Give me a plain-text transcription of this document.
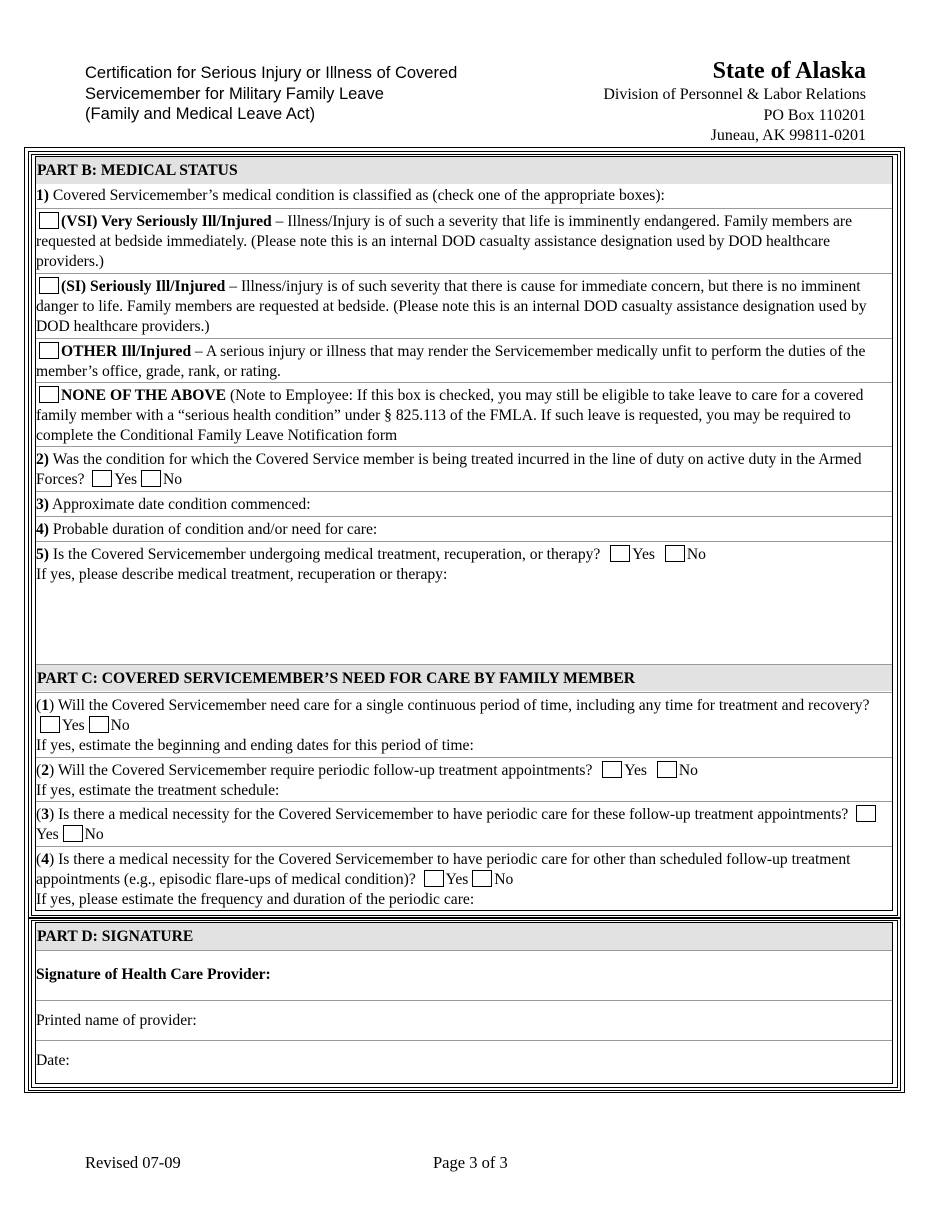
Certification for Serious Injury or Illness of Covered
Servicemember for Military Family Leave
(Family and Medical Leave Act)
State of Alaska
Division of Personnel & Labor Relations
PO Box 110201
Juneau, AK 99811-0201
PART B: MEDICAL STATUS
1) Covered Servicemember’s medical condition is classified as (check one of the appropriate boxes):
(VSI) Very Seriously Ill/Injured – Illness/Injury is of such a severity that life is imminently endangered. Family members are requested at bedside immediately. (Please note this is an internal DOD casualty assistance designation used by DOD healthcare providers.)
(SI) Seriously Ill/Injured – Illness/injury is of such severity that there is cause for immediate concern, but there is no imminent danger to life. Family members are requested at bedside. (Please note this is an internal DOD casualty assistance designation used by DOD healthcare providers.)
OTHER Ill/Injured – A serious injury or illness that may render the Servicemember medically unfit to perform the duties of the member’s office, grade, rank, or rating.
NONE OF THE ABOVE (Note to Employee: If this box is checked, you may still be eligible to take leave to care for a covered family member with a “serious health condition” under § 825.113 of the FMLA. If such leave is requested, you may be required to complete the Conditional Family Leave Notification form
2) Was the condition for which the Covered Service member is being treated incurred in the line of duty on active duty in the Armed Forces? Yes No
3) Approximate date condition commenced:
4) Probable duration of condition and/or need for care:
5) Is the Covered Servicemember undergoing medical treatment, recuperation, or therapy? Yes No
If yes, please describe medical treatment, recuperation or therapy:
PART C: COVERED SERVICEMEMBER’S NEED FOR CARE BY FAMILY MEMBER
(1) Will the Covered Servicemember need care for a single continuous period of time, including any time for treatment and recovery? Yes No
If yes, estimate the beginning and ending dates for this period of time:
(2) Will the Covered Servicemember require periodic follow-up treatment appointments? Yes No
If yes, estimate the treatment schedule:
(3) Is there a medical necessity for the Covered Servicemember to have periodic care for these follow-up treatment appointments? Yes No
(4) Is there a medical necessity for the Covered Servicemember to have periodic care for other than scheduled follow-up treatment appointments (e.g., episodic flare-ups of medical condition)? Yes No
If yes, please estimate the frequency and duration of the periodic care:
PART D: SIGNATURE
Signature of Health Care Provider:
Printed name of provider:
Date:
Revised 07-09	Page 3 of 3
